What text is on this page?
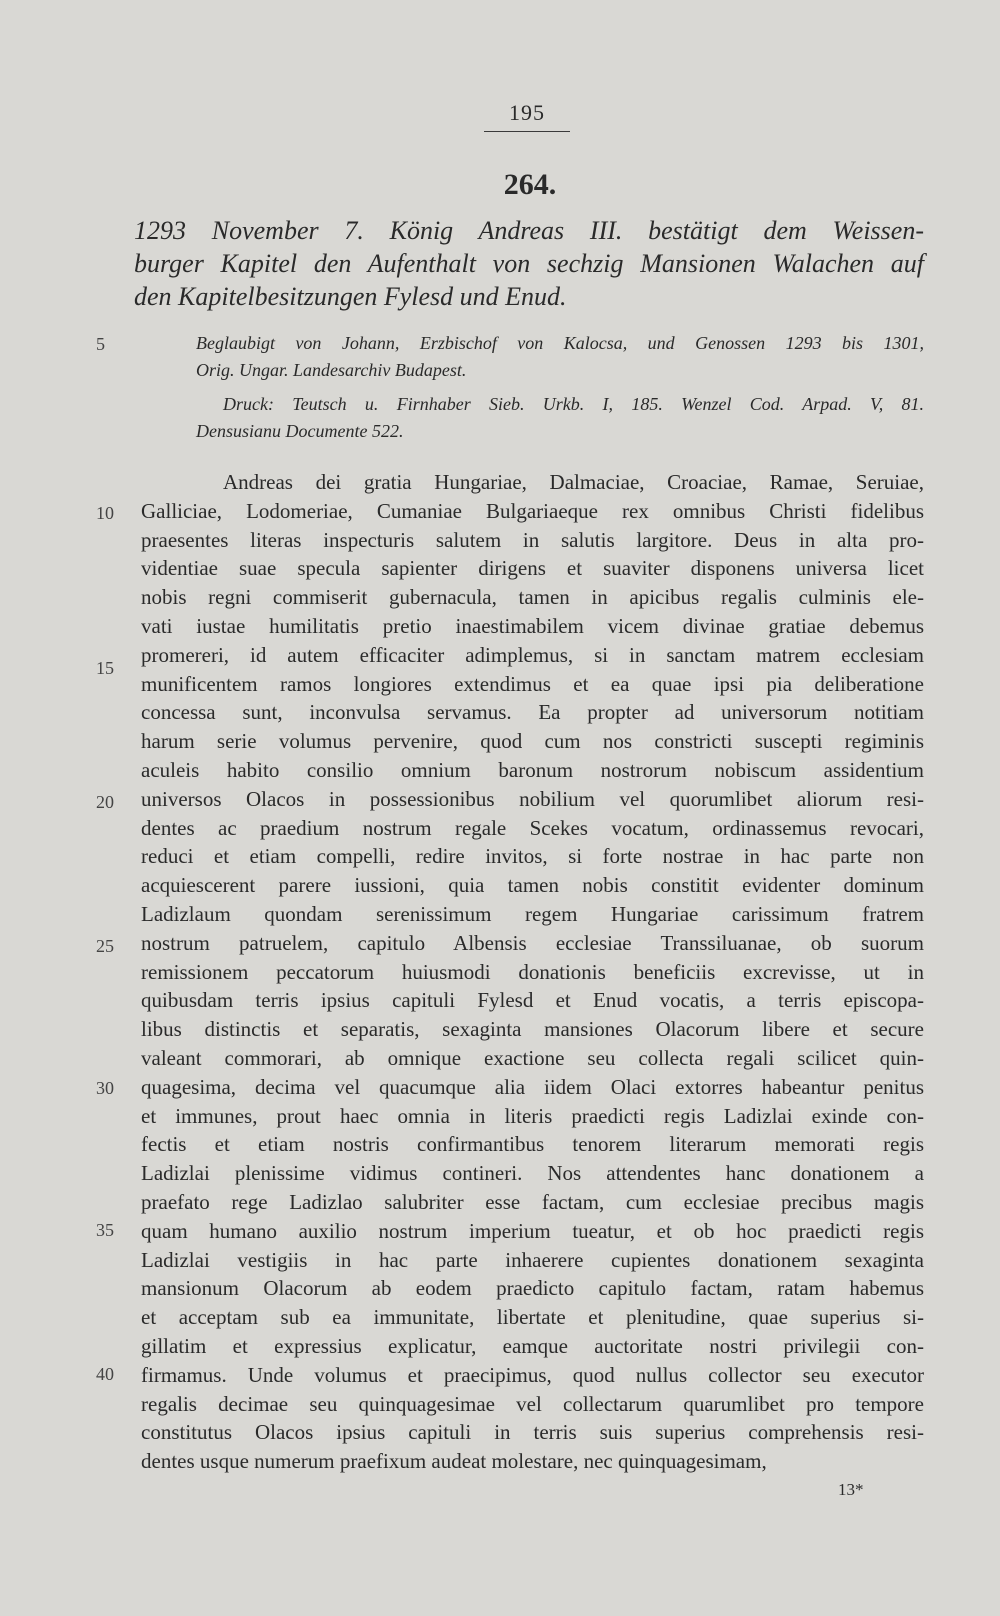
195
264.
1293 November 7. König Andreas III. bestätigt dem Weissen-
burger Kapitel den Aufenthalt von sechzig Mansionen Walachen auf
den Kapitelbesitzungen Fylesd und Enud.
5	Beglaubigt von Johann, Erzbischof von Kalocsa, und Genossen 1293 bis 1301,
Orig. Ungar. Landesarchiv Budapest.
Druck: Teutsch u. Firnhaber Sieb. Urkb. I, 185. Wenzel Cod. Arpad. V, 81.
Densusianu Documente 522.
10
15
20
25
30
35
40
Andreas dei gratia Hungariae, Dalmaciae, Croaciae, Ramae, Seruiae,
Galliciae, Lodomeriae, Cumaniae Bulgariaeque rex omnibus Christi fidelibus
praesentes literas inspecturis salutem in salutis largitore. Deus in alta pro-
videntiae suae specula sapienter dirigens et suaviter disponens universa licet
nobis regni commiserit gubernacula, tamen in apicibus regalis culminis ele-
vati iustae humilitatis pretio inaestimabilem vicem divinae gratiae debemus
promereri, id autem efficaciter adimplemus, si in sanctam matrem ecclesiam
munificentem ramos longiores extendimus et ea quae ipsi pia deliberatione
concessa sunt, inconvulsa servamus. Ea propter ad universorum notitiam
harum serie volumus pervenire, quod cum nos constricti suscepti regiminis
aculeis habito consilio omnium baronum nostrorum nobiscum assidentium
universos Olacos in possessionibus nobilium vel quorumlibet aliorum resi-
dentes ac praedium nostrum regale Scekes vocatum, ordinassemus revocari,
reduci et etiam compelli, redire invitos, si forte nostrae in hac parte non
acquiescerent parere iussioni, quia tamen nobis constitit evidenter dominum
Ladizlaum quondam serenissimum regem Hungariae carissimum fratrem
nostrum patruelem, capitulo Albensis ecclesiae Transsiluanae, ob suorum
remissionem peccatorum huiusmodi donationis beneficiis excrevisse, ut in
quibusdam terris ipsius capituli Fylesd et Enud vocatis, a terris episcopa-
libus distinctis et separatis, sexaginta mansiones Olacorum libere et secure
valeant commorari, ab omnique exactione seu collecta regali scilicet quin-
quagesima, decima vel quacumque alia iidem Olaci extorres habeantur penitus
et immunes, prout haec omnia in literis praedicti regis Ladizlai exinde con-
fectis et etiam nostris confirmantibus tenorem literarum memorati regis
Ladizlai plenissime vidimus contineri. Nos attendentes hanc donationem a
praefato rege Ladizlao salubriter esse factam, cum ecclesiae precibus magis
quam humano auxilio nostrum imperium tueatur, et ob hoc praedicti regis
Ladizlai vestigiis in hac parte inhaerere cupientes donationem sexaginta
mansionum Olacorum ab eodem praedicto capitulo factam, ratam habemus
et acceptam sub ea immunitate, libertate et plenitudine, quae superius si-
gillatim et expressius explicatur, eamque auctoritate nostri privilegii con-
firmamus. Unde volumus et praecipimus, quod nullus collector seu executor
regalis decimae seu quinquagesimae vel collectarum quarumlibet pro tempore
constitutus Olacos ipsius capituli in terris suis superius comprehensis resi-
dentes usque numerum praefixum audeat molestare, nec quinquagesimam,
13*
